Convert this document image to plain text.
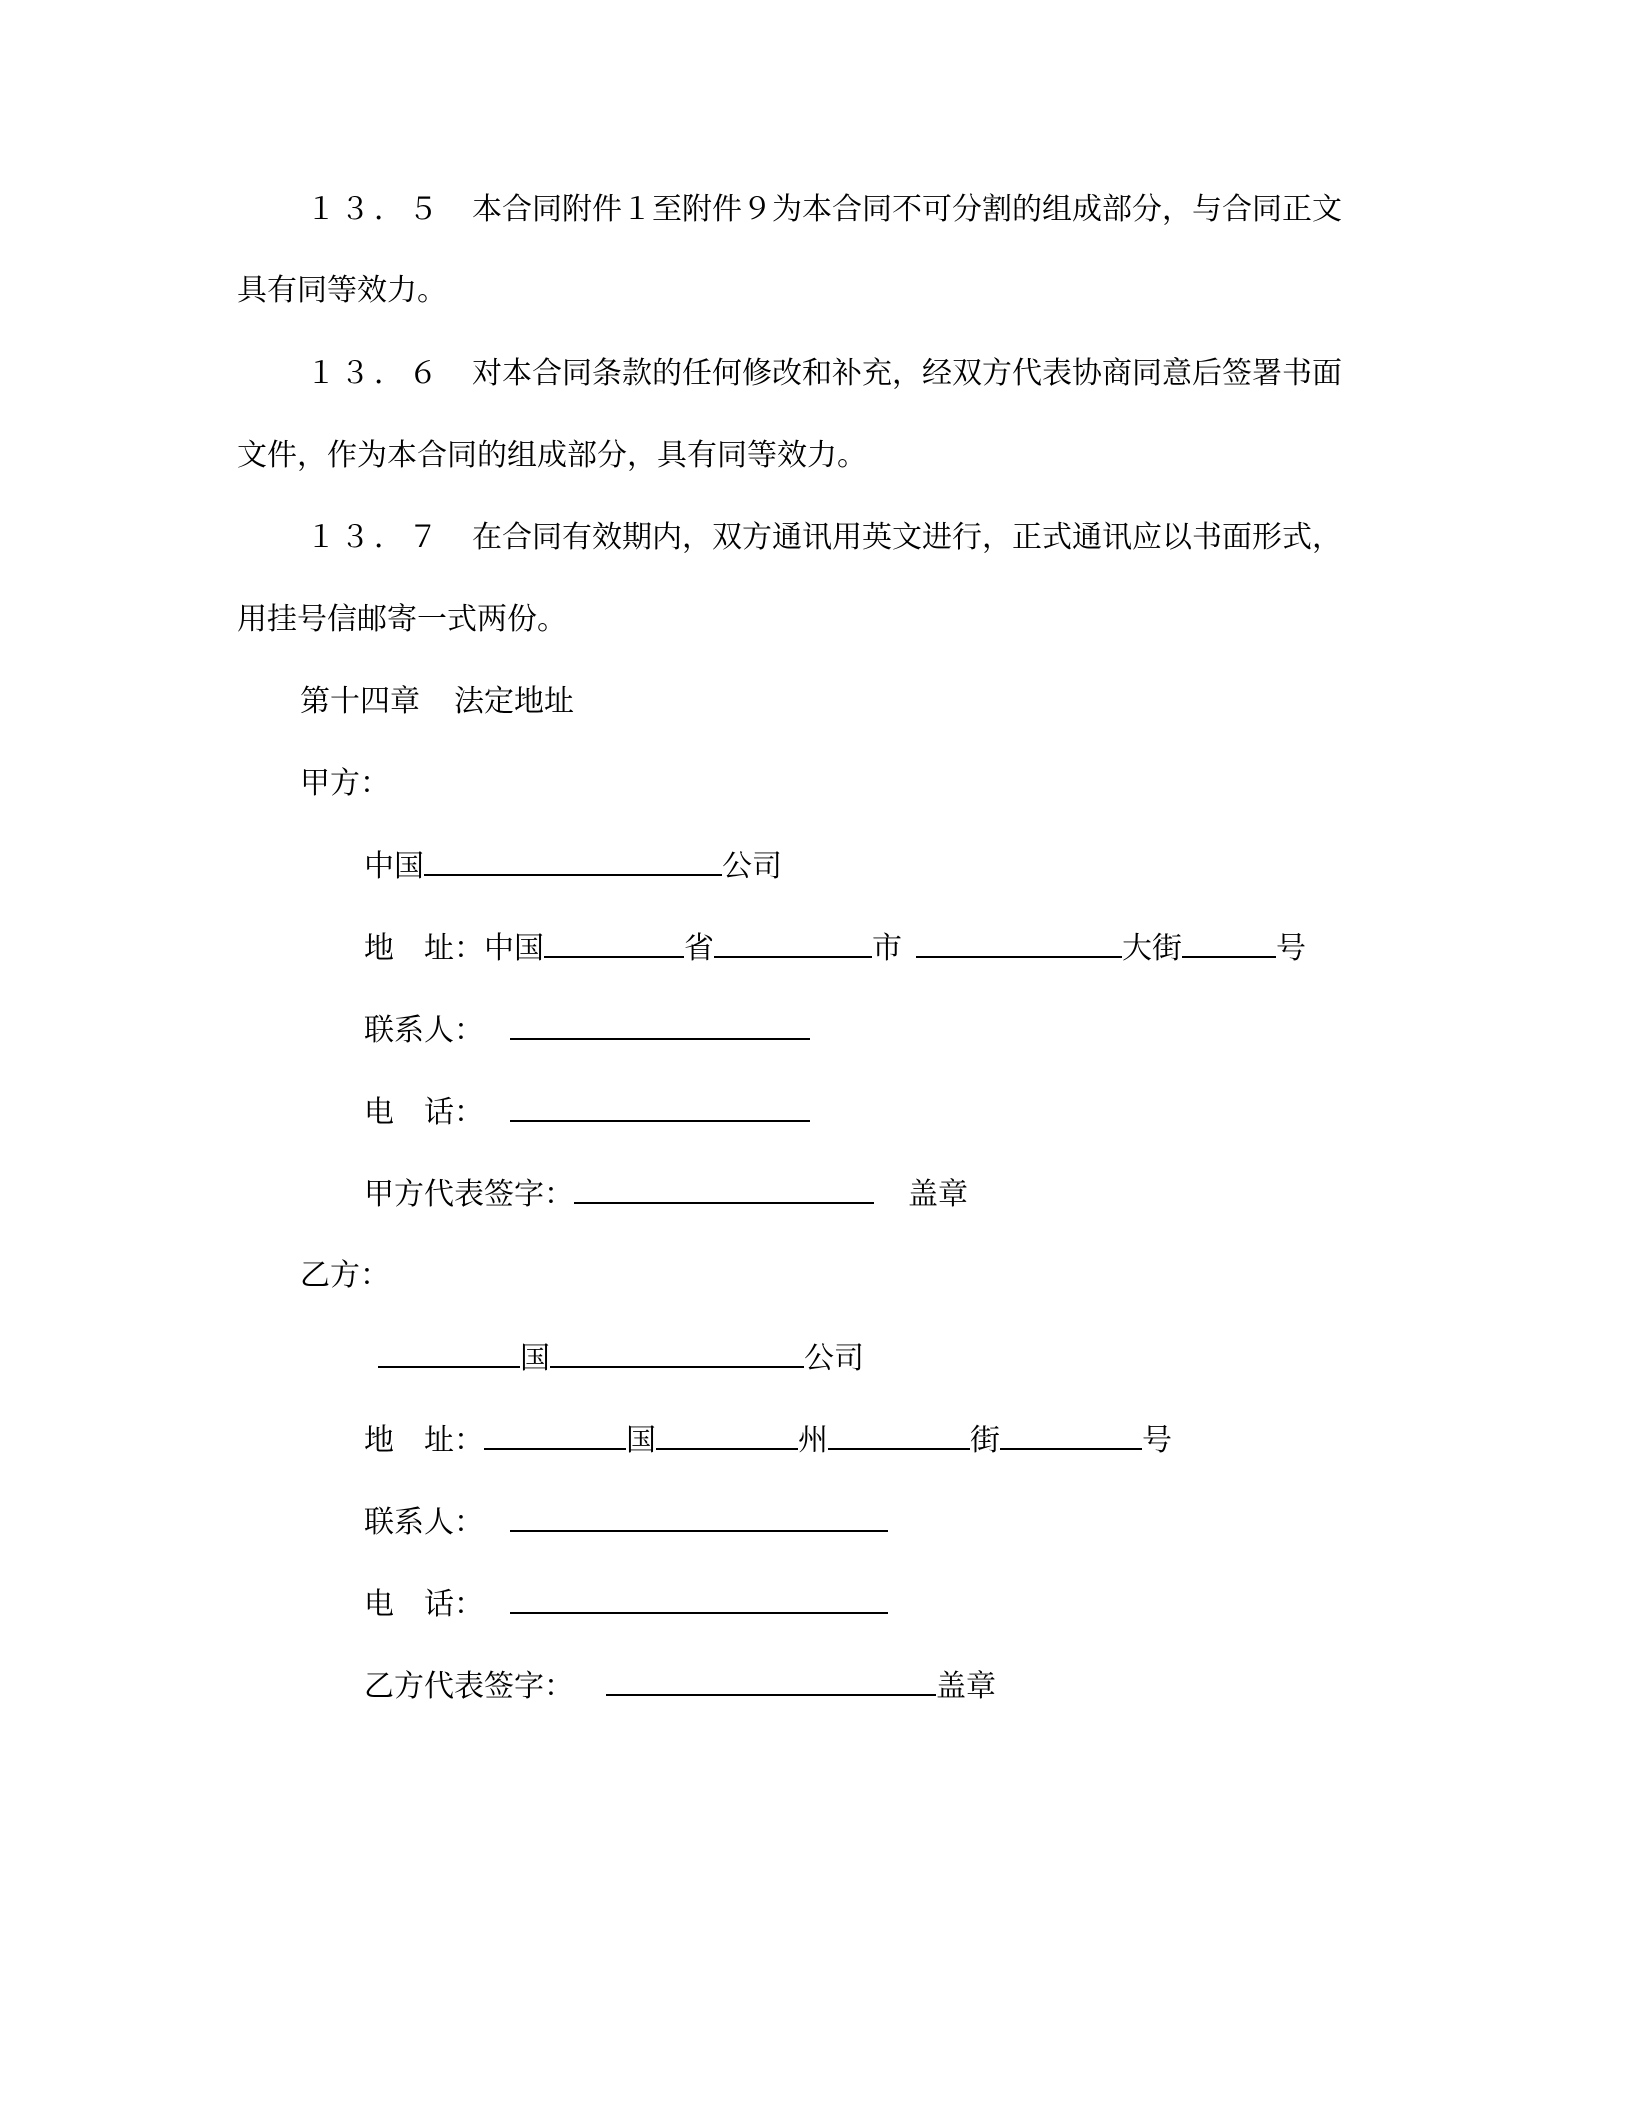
１３．５ 本合同附件１至附件９为本合同不可分割的组成部分，与合同正文
具有同等效力。
１３．６ 对本合同条款的任何修改和补充，经双方代表协商同意后签署书面
文件，作为本合同的组成部分，具有同等效力。
１３．７ 在合同有效期内，双方通讯用英文进行，正式通讯应以书面形式，
用挂号信邮寄一式两份。
第十四章 法定地址
甲方：
中国	公司
地　址：中国	省	市	大街	号
联系人：
电　话：
甲方代表签字：	盖章
乙方：
国	公司
地　址：	国	州	街	号
联系人：
电　话：
乙方代表签字：	盖章
